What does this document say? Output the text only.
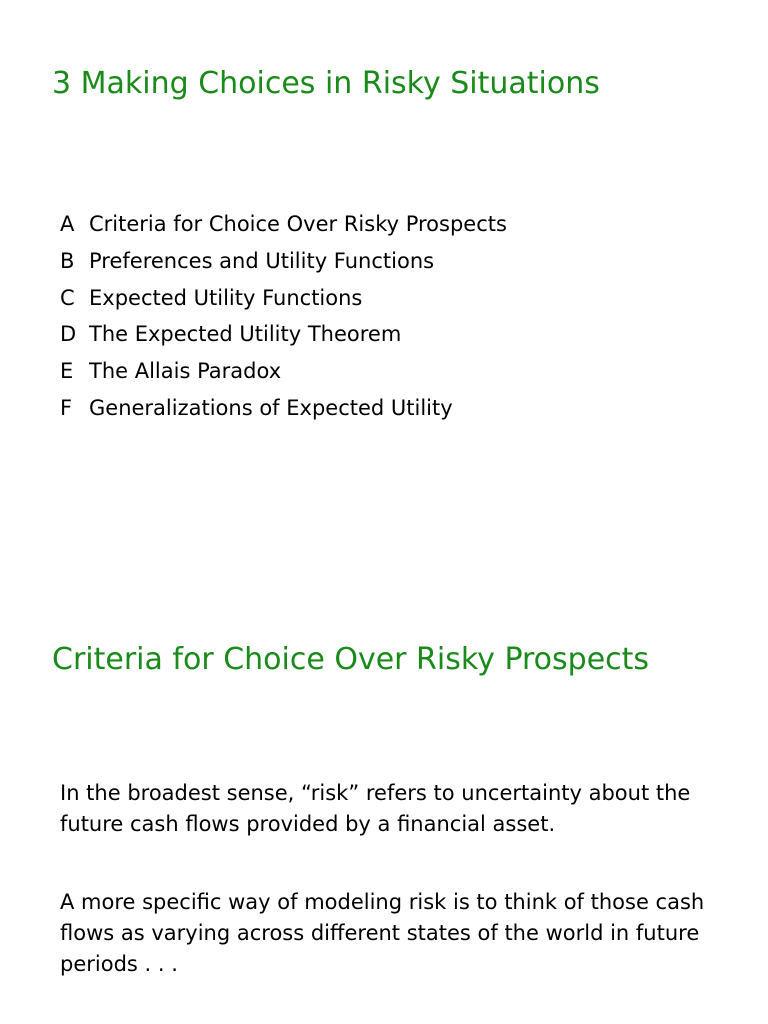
3 Making Choices in Risky Situations
A Criteria for Choice Over Risky Prospects
B Preferences and Utility Functions
C Expected Utility Functions
D The Expected Utility Theorem
E The Allais Paradox
F Generalizations of Expected Utility
Criteria for Choice Over Risky Prospects

In the broadest sense, “risk” refers to uncertainty about the future cash flows provided by a financial asset.

A more specific way of modeling risk is to think of those cash flows as varying across different states of the world in future periods . . .
